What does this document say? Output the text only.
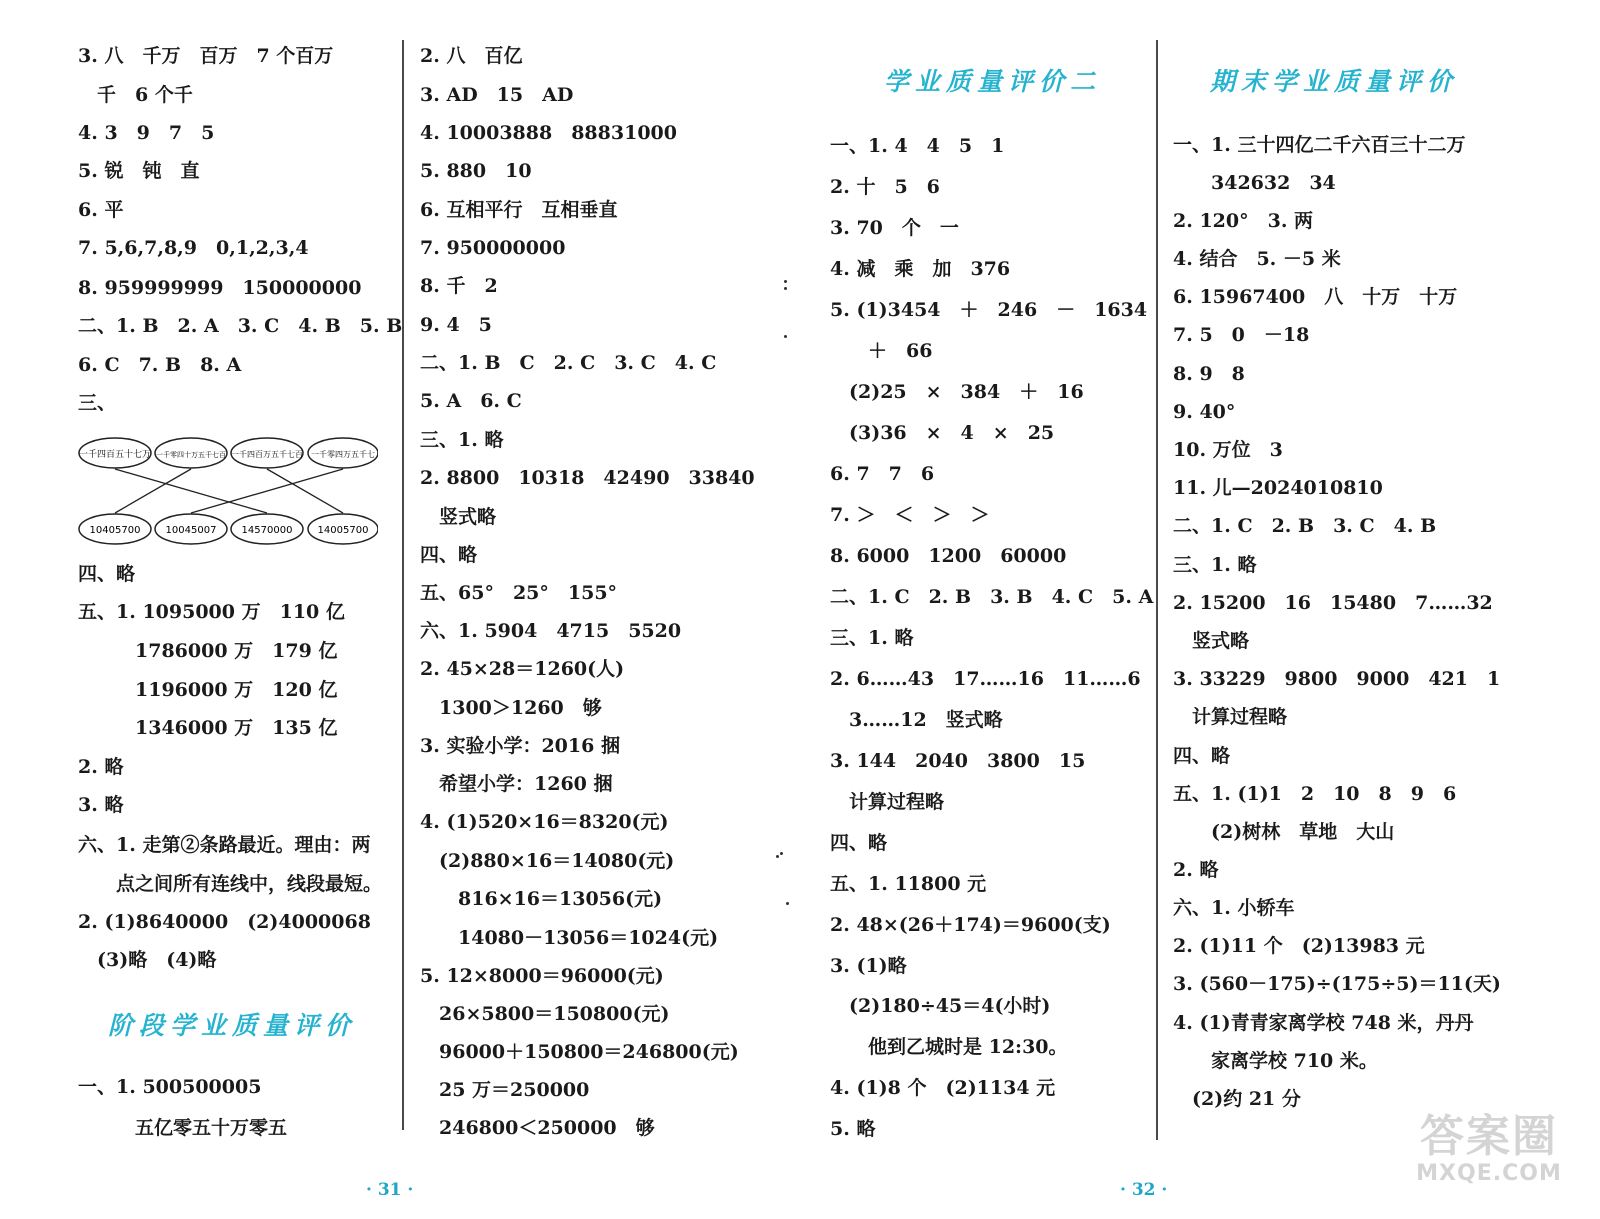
3. 八　千万　百万　7 个百万
　千　6 个千
4. 3　9　7　5
5. 锐　钝　直
6. 平
7. 5,6,7,8,9　0,1,2,3,4
8. 959999999　150000000
二、1. B　2. A　3. C　4. B　5. B
6. C　7. B　8. A
三、
一千四百五十七万 一千零四十万五千七百 一千四百万五千七百 一千零四万五千七
10405700	10045007	14570000	14005700
四、略
五、1. 1095000 万　110 亿
　　　1786000 万　179 亿
　　　1196000 万　120 亿
　　　1346000 万　135 亿
2. 略
3. 略
六、1. 走第②条路最近。理由：两
　　点之间所有连线中，线段最短。
2. (1)8640000　(2)4000068
　(3)略　(4)略
一、1. 500500005
　　　五亿零五十万零五
阶段学业质量评价
2. 八　百亿
3. AD　15　AD
4. 10003888　88831000
5. 880　10
6. 互相平行　互相垂直
7. 950000000
8. 千　2
9. 4　5
二、1. B　C　2. C　3. C　4. C
5. A　6. C
三、1. 略
2. 8800　10318　42490　33840
　竖式略
四、略
五、65°　25°　155°
六、1. 5904　4715　5520
2. 45×28＝1260(人)
　1300＞1260　够
3. 实验小学：2016 捆
　希望小学：1260 捆
4. (1)520×16＝8320(元)
　(2)880×16＝14080(元)
　　816×16＝13056(元)
　　14080－13056＝1024(元)
5. 12×8000＝96000(元)
　26×5800＝150800(元)
　96000＋150800＝246800(元)
　25 万＝250000
　246800＜250000　够
· 31 ·
学业质量评价二
一、1. 4　4　5　1
2. 十　5　6
3. 70　个　一
4. 减　乘　加　376
5. (1)3454　＋　246　－　1634
　　＋　66
　(2)25　×　384　＋　16
　(3)36　×　4　×　25
6. 7　7　6
7. ＞　＜　＞　＞
8. 6000　1200　60000
二、1. C　2. B　3. B　4. C　5. A
三、1. 略
2. 6……43　17……16　11……6
　3……12　竖式略
3. 144　2040　3800　15
　计算过程略
四、略
五、1. 11800 元
2. 48×(26＋174)＝9600(支)
3. (1)略
　(2)180÷45＝4(小时)
　　他到乙城时是 12:30。
4. (1)8 个　(2)1134 元
5. 略
期末学业质量评价
一、1. 三十四亿二千六百三十二万
　　342632　34
2. 120°　3. 两
4. 结合　5. －5 米
6. 15967400　八　十万　十万
7. 5　0　－18
8. 9　8
9. 40°
10. 万位　3
11. 儿—2024010810
二、1. C　2. B　3. C　4. B
三、1. 略
2. 15200　16　15480　7……32
　竖式略
3. 33229　9800　9000　421　1
　计算过程略
四、略
五、1. (1)1　2　10　8　9　6
　　(2)树林　草地　大山
2. 略
六、1. 小轿车
2. (1)11 个　(2)13983 元
3. (560－175)÷(175÷5)＝11(天)
4. (1)青青家离学校 748 米，丹丹
　　家离学校 710 米。
　(2)约 21 分
· 32 ·
答案圈
MXQE.COM
